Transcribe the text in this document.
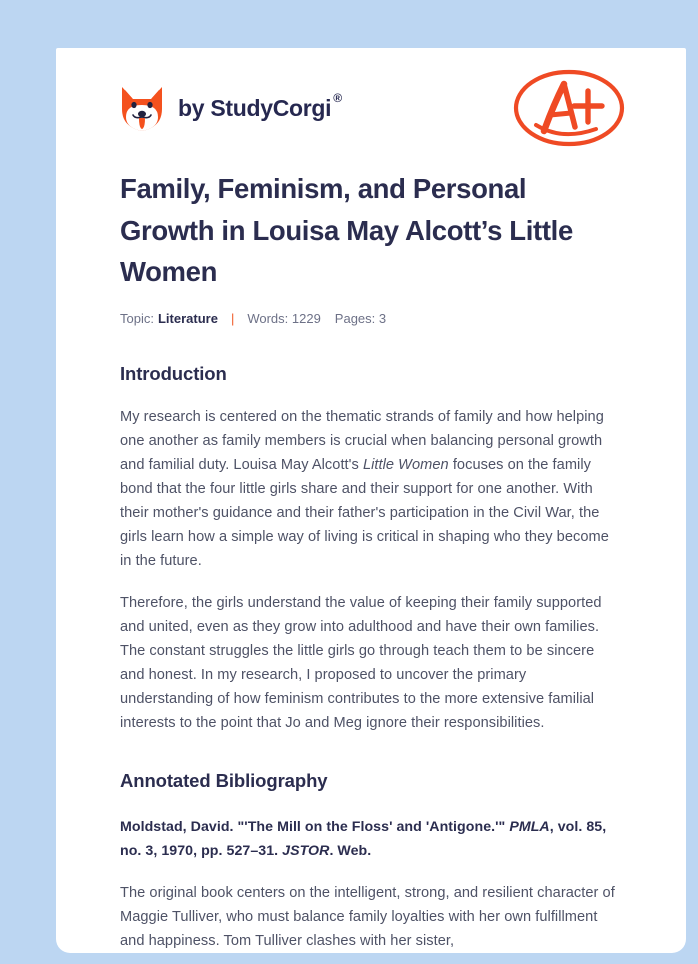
by StudyCorgi ®
Family, Feminism, and Personal Growth in Louisa May Alcott’s Little Women
Topic: Literature | Words: 1229 Pages: 3
Introduction

My research is centered on the thematic strands of family and how helping one another as family members is crucial when balancing personal growth and familial duty. Louisa May Alcott's Little Women focuses on the family bond that the four little girls share and their support for one another. With their mother's guidance and their father's participation in the Civil War, the girls learn how a simple way of living is critical in shaping who they become in the future.

Therefore, the girls understand the value of keeping their family supported and united, even as they grow into adulthood and have their own families. The constant struggles the little girls go through teach them to be sincere and honest. In my research, I proposed to uncover the primary understanding of how feminism contributes to the more extensive familial interests to the point that Jo and Meg ignore their responsibilities.

Annotated Bibliography

Moldstad, David. "'The Mill on the Floss' and 'Antigone.'" PMLA, vol. 85, no. 3, 1970, pp. 527–31. JSTOR. Web.

The original book centers on the intelligent, strong, and resilient character of Maggie Tulliver, who must balance family loyalties with her own fulfillment and happiness. Tom Tulliver clashes with her sister,
